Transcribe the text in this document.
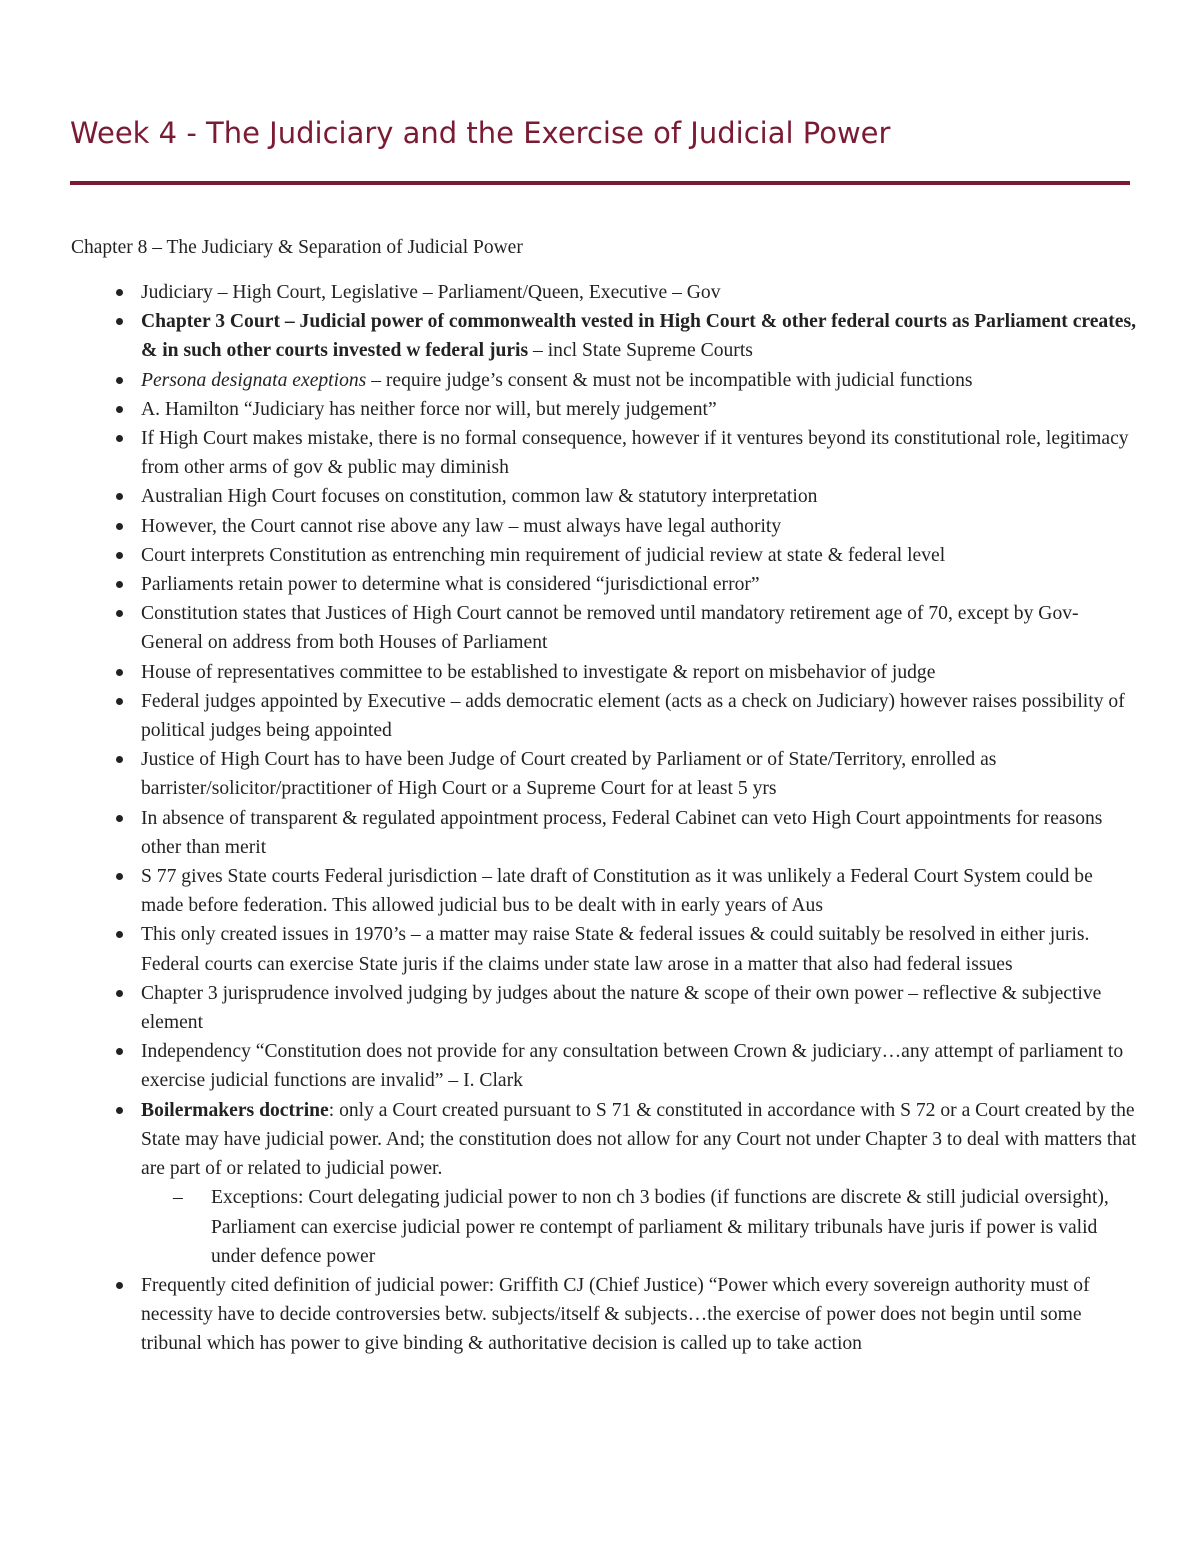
Week 4 - The Judiciary and the Exercise of Judicial Power

Chapter 8 – The Judiciary & Separation of Judicial Power

Judiciary – High Court, Legislative – Parliament/Queen, Executive – Gov
Chapter 3 Court – Judicial power of commonwealth vested in High Court & other federal courts as Parliament creates, & in such other courts invested w federal juris – incl State Supreme Courts
Persona designata exeptions – require judge’s consent & must not be incompatible with judicial functions
A. Hamilton “Judiciary has neither force nor will, but merely judgement”
If High Court makes mistake, there is no formal consequence, however if it ventures beyond its constitutional role, legitimacy from other arms of gov & public may diminish
Australian High Court focuses on constitution, common law & statutory interpretation
However, the Court cannot rise above any law – must always have legal authority
Court interprets Constitution as entrenching min requirement of judicial review at state & federal level
Parliaments retain power to determine what is considered “jurisdictional error”
Constitution states that Justices of High Court cannot be removed until mandatory retirement age of 70, except by Gov-General on address from both Houses of Parliament
House of representatives committee to be established to investigate & report on misbehavior of judge
Federal judges appointed by Executive – adds democratic element (acts as a check on Judiciary) however raises possibility of political judges being appointed
Justice of High Court has to have been Judge of Court created by Parliament or of State/Territory, enrolled as barrister/solicitor/practitioner of High Court or a Supreme Court for at least 5 yrs
In absence of transparent & regulated appointment process, Federal Cabinet can veto High Court appointments for reasons other than merit
S 77 gives State courts Federal jurisdiction – late draft of Constitution as it was unlikely a Federal Court System could be made before federation. This allowed judicial bus to be dealt with in early years of Aus
This only created issues in 1970’s – a matter may raise State & federal issues & could suitably be resolved in either juris. Federal courts can exercise State juris if the claims under state law arose in a matter that also had federal issues
Chapter 3 jurisprudence involved judging by judges about the nature & scope of their own power – reflective & subjective element
Independency “Constitution does not provide for any consultation between Crown & judiciary…any attempt of parliament to exercise judicial functions are invalid” – I. Clark
Boilermakers doctrine: only a Court created pursuant to S 71 & constituted in accordance with S 72 or a Court created by the State may have judicial power. And; the constitution does not allow for any Court not under Chapter 3 to deal with matters that are part of or related to judicial power.
– Exceptions: Court delegating judicial power to non ch 3 bodies (if functions are discrete & still judicial oversight), Parliament can exercise judicial power re contempt of parliament & military tribunals have juris if power is valid under defence power
Frequently cited definition of judicial power: Griffith CJ (Chief Justice) “Power which every sovereign authority must of necessity have to decide controversies betw. subjects/itself & subjects…the exercise of power does not begin until some tribunal which has power to give binding & authoritative decision is called up to take action
